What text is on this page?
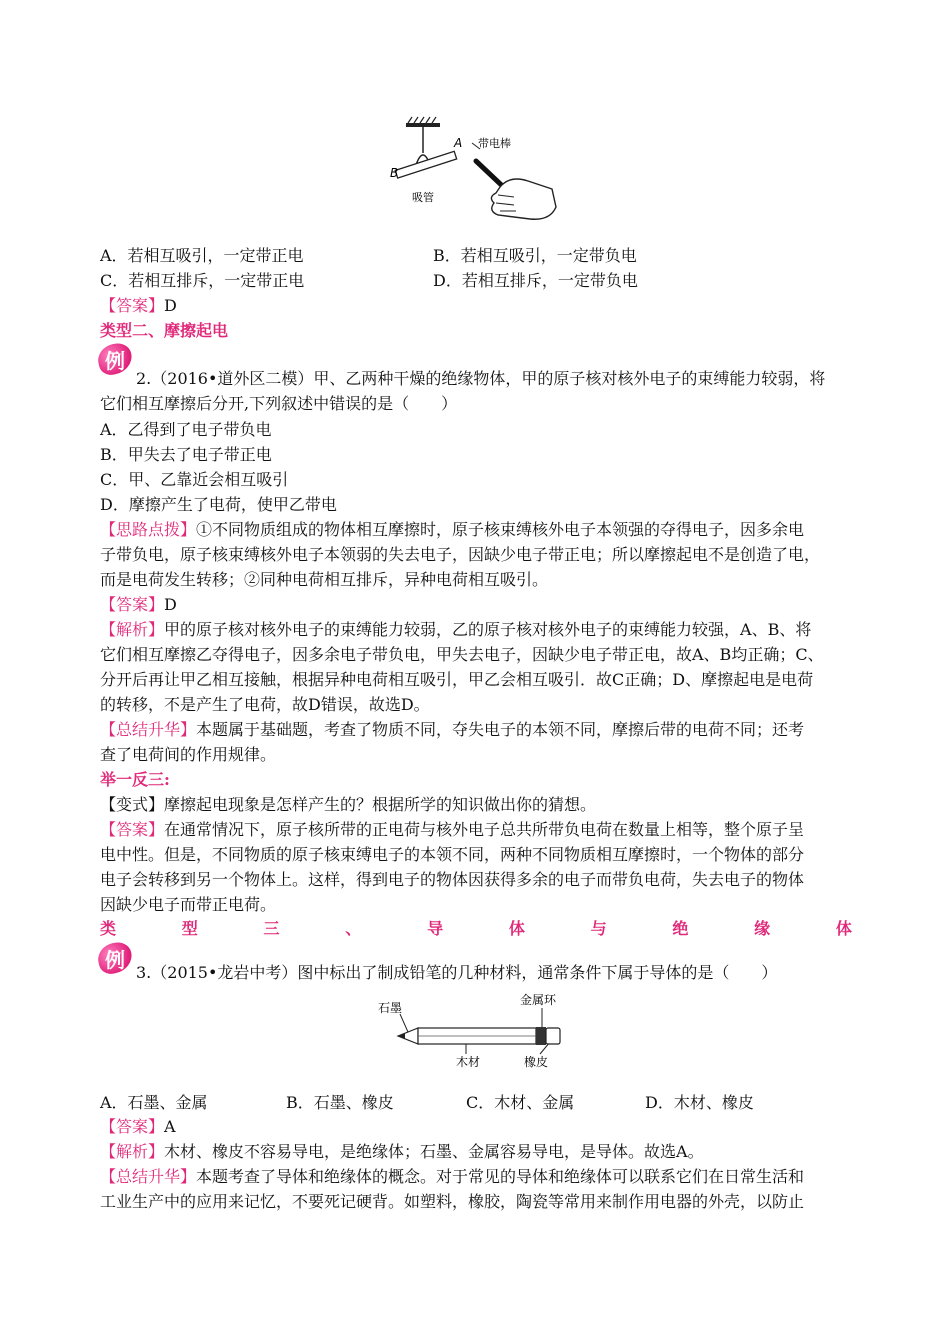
B
A 带电棒
吸管
A．若相互吸引，一定带正电	B．若相互吸引，一定带负电
C．若相互排斥，一定带正电	D．若相互排斥，一定带负电
【答案】D
类型二、摩擦起电
例
2.（2016•道外区二模）甲、乙两种干燥的绝缘物体，甲的原子核对核外电子的束缚能力较弱，将
它们相互摩擦后分开,下列叙述中错误的是（　　）
A．乙得到了电子带负电
B．甲失去了电子带正电
C．甲、乙靠近会相互吸引
D．摩擦产生了电荷，使甲乙带电
【思路点拨】①不同物质组成的物体相互摩擦时，原子核束缚核外电子本领强的夺得电子，因多余电
子带负电，原子核束缚核外电子本领弱的失去电子，因缺少电子带正电；所以摩擦起电不是创造了电，
而是电荷发生转移；②同种电荷相互排斥，异种电荷相互吸引。
【答案】D
【解析】甲的原子核对核外电子的束缚能力较弱，乙的原子核对核外电子的束缚能力较强，A、B、将
它们相互摩擦乙夺得电子，因多余电子带负电，甲失去电子，因缺少电子带正电，故A、B均正确；C、
分开后再让甲乙相互接触，根据异种电荷相互吸引，甲乙会相互吸引．故C正确；D、摩擦起电是电荷
的转移，不是产生了电荷，故D错误，故选D。
【总结升华】本题属于基础题，考查了物质不同，夺失电子的本领不同，摩擦后带的电荷不同；还考
查了电荷间的作用规律。
举一反三:
【变式】摩擦起电现象是怎样产生的？根据所学的知识做出你的猜想。
【答案】在通常情况下，原子核所带的正电荷与核外电子总共所带负电荷在数量上相等，整个原子呈
电中性。但是，不同物质的原子核束缚电子的本领不同，两种不同物质相互摩擦时，一个物体的部分
电子会转移到另一个物体上。这样，得到电子的物体因获得多余的电子而带负电荷，失去电子的物体
因缺少电子而带正电荷。
类	型	三	、	导	体	与	绝	缘	体
例
3.（2015•龙岩中考）图中标出了制成铅笔的几种材料，通常条件下属于导体的是（　　）
石墨
金属环
木材	橡皮
A．石墨、金属	B．石墨、橡皮	C．木材、金属	D．木材、橡皮
【答案】A
【解析】木材、橡皮不容易导电，是绝缘体；石墨、金属容易导电，是导体。故选A。
【总结升华】本题考查了导体和绝缘体的概念。对于常见的导体和绝缘体可以联系它们在日常生活和
工业生产中的应用来记忆，不要死记硬背。如塑料，橡胶，陶瓷等常用来制作用电器的外壳，以防止
